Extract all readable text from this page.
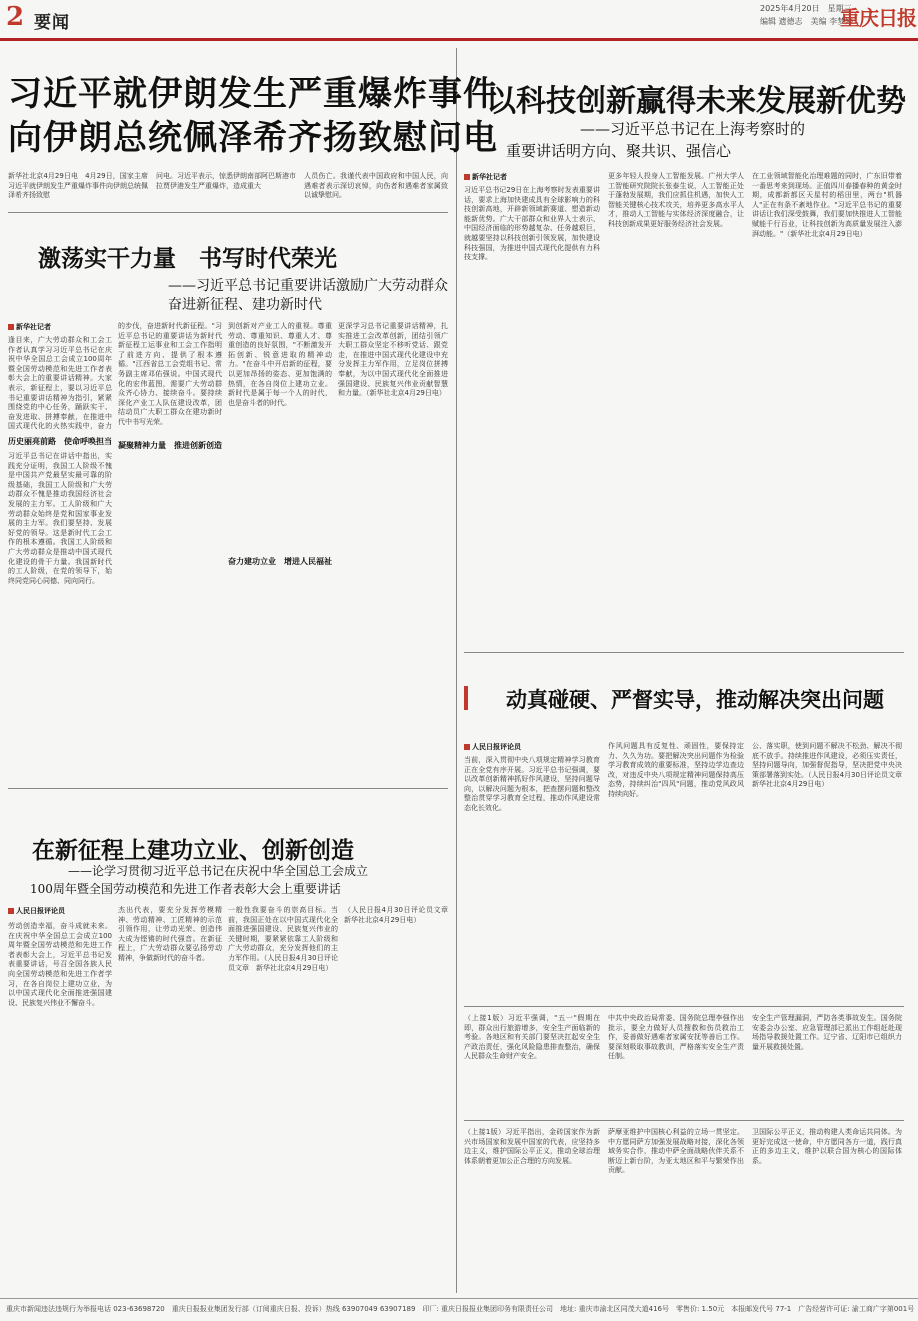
2 要闻
2025年4月20日　星期三
编辑 遗德志　美编 李梦婷
重庆日报
习近平就伊朗发生严重爆炸事件
向伊朗总统佩泽希齐扬致慰问电
新华社北京4月29日电　4月29日，国家主席习近平就伊朗发生严重爆炸事件向伊朗总统佩泽希齐扬致慰
问电。习近平表示，惊悉伊朗南部阿巴斯港市拉贾伊港发生严重爆炸，造成重大
人员伤亡。我谨代表中国政府和中国人民，向遇难者表示深切哀悼，向伤者和遇难者家属致以诚挚慰问。
激荡实干力量　书写时代荣光
——习近平总书记重要讲话激励广大劳动群众
奋进新征程、建功新时代
新华社记者
逢目来，广大劳动群众和工会工作者认真学习习近平总书记在庆祝中华全国总工会成立100周年暨全国劳动模范和先进工作者表彰大会上的重要讲话精神。大家表示，新征程上，要以习近平总书记重要讲话精神为指引，紧紧围绕党的中心任务，踊跃实干、奋发进取、拼搏奉献，在推进中国式现代化的火热实践中，奋力
历史丽亮前路　使命呼唤担当
习近平总书记在讲话中指出，实践充分证明，我国工人阶级不愧是中国共产党最坚实最可靠的阶级基础，我国工人阶级和广大劳动群众不愧是推动我国经济社会发展的主力军。工人阶级和广大劳动群众始终是党和国家事业发展的主力军。我们要坚持、发展好党的领导。这是新时代工会工作的根本遵循。我国工人阶级和广大劳动群众是推动中国式现代化建设的骨干力量。我国新时代的工人阶级，在党的领导下，始终同党同心同德、同向同行。
的步伐，奋进新时代新征程。"习近平总书记的重要讲话为新时代新征程工运事业和工会工作指明了前进方向、提供了根本遵循。"江西省总工会党组书记、常务副主席邓佑强说。中国式现代化的宏伟蓝图，需要广大劳动群众齐心协力、接续奋斗。要持续深化产业工人队伍建设改革，团结动员广大职工群众在建功新时代中书写光荣。
凝聚精神力量　推进创新创造
到创新对产业工人的重视。尊重劳动、尊重知识、尊重人才、尊重创造的良好氛围，"不断激发开拓创新、锐意进取的精神动力。"在奋斗中开启新的征程，要以更加昂扬的姿态、更加饱满的热情，在各自岗位上建功立业。新时代是属于每一个人的时代，也是奋斗者的时代。
奋力建功立业　增进人民福祉
更深学习总书记重要讲话精神，扎实推进工会改革创新，团结引领广大职工群众坚定不移听党话、跟党走，在推进中国式现代化建设中充分发挥主力军作用，立足岗位拼搏奉献，为以中国式现代化全面推进强国建设、民族复兴伟业贡献智慧和力量。（新华社北京4月29日电）
在新征程上建功立业、创新创造
——论学习贯彻习近平总书记在庆祝中华全国总工会成立
100周年暨全国劳动模范和先进工作者表彰大会上重要讲话
人民日报评论员
劳动创造幸福，奋斗成就未来。在庆祝中华全国总工会成立100周年暨全国劳动模范和先进工作者表彰大会上，习近平总书记发表重要讲话，号召全国各族人民向全国劳动模范和先进工作者学习，在各自岗位上建功立业，为以中国式现代化全面推进强国建设、民族复兴伟业不懈奋斗。
杰出代表，要充分发挥劳模精神、劳动精神、工匠精神的示范引领作用，让劳动光荣、创造伟大成为铿锵的时代强音。在新征程上，广大劳动群众要弘扬劳动精神，争做新时代的奋斗者。
一般性我要奋斗的崇高目标。当前，我国正处在以中国式现代化全面推进强国建设、民族复兴伟业的关键时期，要紧紧依靠工人阶级和广大劳动群众，充分发挥他们的主力军作用。（人民日报4月30日评论员文章　新华社北京4月29日电）
（人民日报4月30日评论员文章　新华社北京4月29日电）
以科技创新赢得未来发展新优势
——习近平总书记在上海考察时的
重要讲话明方向、聚共识、强信心
新华社记者
习近平总书记29日在上海考察时发表重要讲话，要求上海加快建成具有全球影响力的科技创新高地，开辟新领域新赛道、塑造新动能新优势。广大干部群众和业界人士表示，中国经济面临的形势越复杂、任务越艰巨，就越要坚持以科技创新引领发展，加快建设科技强国，为推进中国式现代化提供有力科技支撑。
更多年轻人投身人工智能发展。广州大学人工智能研究院院长张泰生说，人工智能正处于蓬勃发展期，我们应抓住机遇，加快人工智能关键核心技术攻关，培养更多高水平人才，推动人工智能与实体经济深度融合，让科技创新成果更好服务经济社会发展。
在工业领域智能化治理难题的同时，广东旧带着一番思考来到现场。正值四川春播春种的黄金时期，成都新都区天星村的稻田里，两台"机器人"正在有条不紊地作业。"习近平总书记的重要讲话让我们深受鼓舞，我们要加快推进人工智能赋能千行百业，让科技创新为高质量发展注入澎湃动能。"（新华社北京4月29日电）
动真碰硬、严督实导，推动解决突出问题
人民日报评论员
当前，深入贯彻中央八项规定精神学习教育正在全党有序开展。习近平总书记强调，要以改革创新精神抓好作风建设，坚持问题导向，以解决问题为根本，把查摆问题和整改整治贯穿学习教育全过程，推动作风建设常态化长效化。
作风问题具有反复性、顽固性，要保持定力、久久为功。要把解决突出问题作为检验学习教育成效的重要标准，坚持边学边查边改，对违反中央八项规定精神问题保持高压态势，持续纠治"四风"问题，推动党风政风持续向好。
公、落实职，使到问题不解决不松劲、解决不彻底不放手。持续推进作风建设，必须压实责任，坚持问题导向，加强督促指导，坚决把党中央决策部署落到实处。（人民日报4月30日评论员文章　新华社北京4月29日电）
（上接1版）习近平强调，"五一"假期在即，群众出行旅游增多，安全生产面临新的考验。各地区和有关部门要坚决扛起安全生产政治责任，强化风险隐患排查整治，确保人民群众生命财产安全。
中共中央政治局常委、国务院总理李强作出批示，要全力做好人员搜救和伤员救治工作，妥善做好遇难者家属安抚等善后工作。要深刻吸取事故教训，严格落实安全生产责任制。
安全生产管理漏洞，严防各类事故发生。国务院安委会办公室、应急管理部已派出工作组赶赴现场指导救援处置工作。辽宁省、辽阳市已组织力量开展救援处置。
（上接1版）习近平指出，金砖国家作为新兴市场国家和发展中国家的代表，应坚持多边主义，维护国际公平正义，推动全球治理体系朝着更加公正合理的方向发展。
萨摩亚维护中国核心利益的立场一贯坚定。中方愿同萨方加强发展战略对接，深化各领域务实合作，推动中萨全面战略伙伴关系不断迈上新台阶，为亚太地区和平与繁荣作出贡献。
卫国际公平正义，推动构建人类命运共同体。为更好完成这一使命，中方愿同各方一道，践行真正的多边主义，维护以联合国为核心的国际体系。
重庆市新闻违法违规行为举报电话 023-63698720　重庆日报报业集团发行部（订阅重庆日报、投诉）热线 63907049 63907189　印厂: 重庆日报报业集团印务有限责任公司　地址: 重庆市渝北区同茂大道416号　零售价: 1.50元　本报邮发代号 77-1　广告经营许可证: 渝工商广字第001号
